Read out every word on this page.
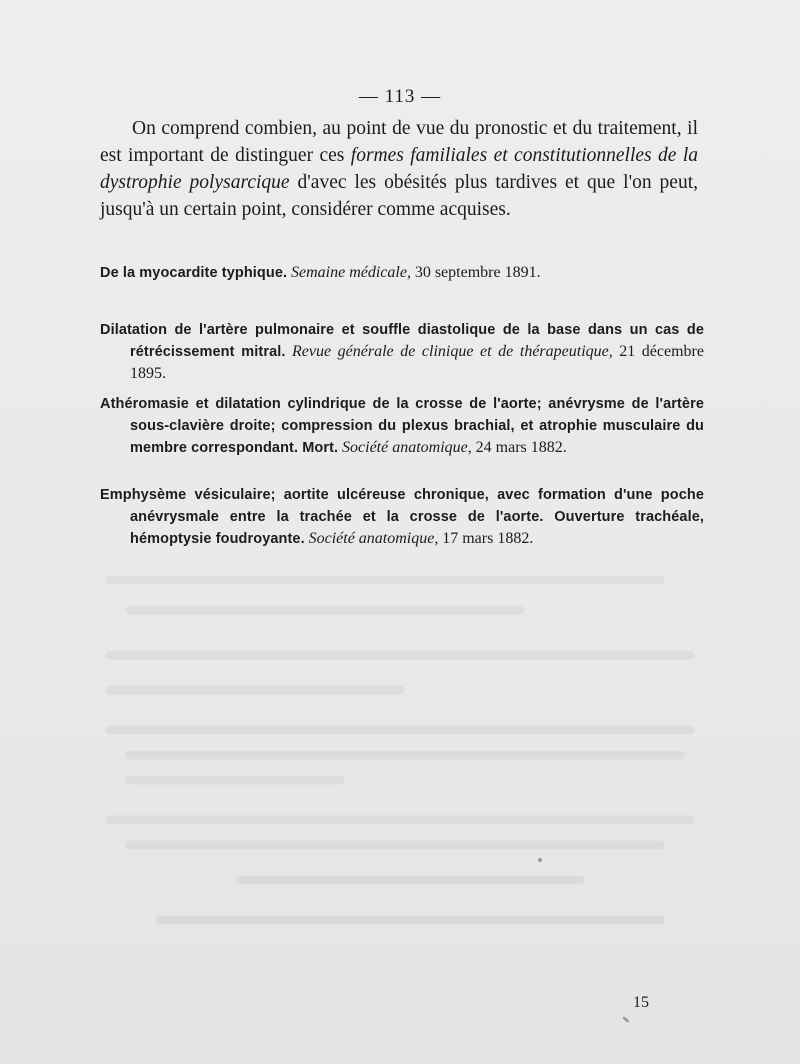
— 113 —

On comprend combien, au point de vue du pronostic et du traitement, il est important de distinguer ces formes familiales et constitutionnelles de la dystrophie polysarcique d'avec les obésités plus tardives et que l'on peut, jusqu'à un certain point, considérer comme acquises.

De la myocardite typhique. Semaine médicale, 30 septembre 1891.

Dilatation de l'artère pulmonaire et souffle diastolique de la base dans un cas de rétrécissement mitral. Revue générale de clinique et de thérapeutique, 21 décembre 1895.

Athéromasie et dilatation cylindrique de la crosse de l'aorte; anévrysme de l'artère sous-clavière droite; compression du plexus brachial, et atrophie musculaire du membre correspondant. Mort. Société anatomique, 24 mars 1882.

Emphysème vésiculaire; aortite ulcéreuse chronique, avec formation d'une poche anévrysmale entre la trachée et la crosse de l'aorte. Ouverture trachéale, hémoptysie foudroyante. Société anatomique, 17 mars 1882.

15
